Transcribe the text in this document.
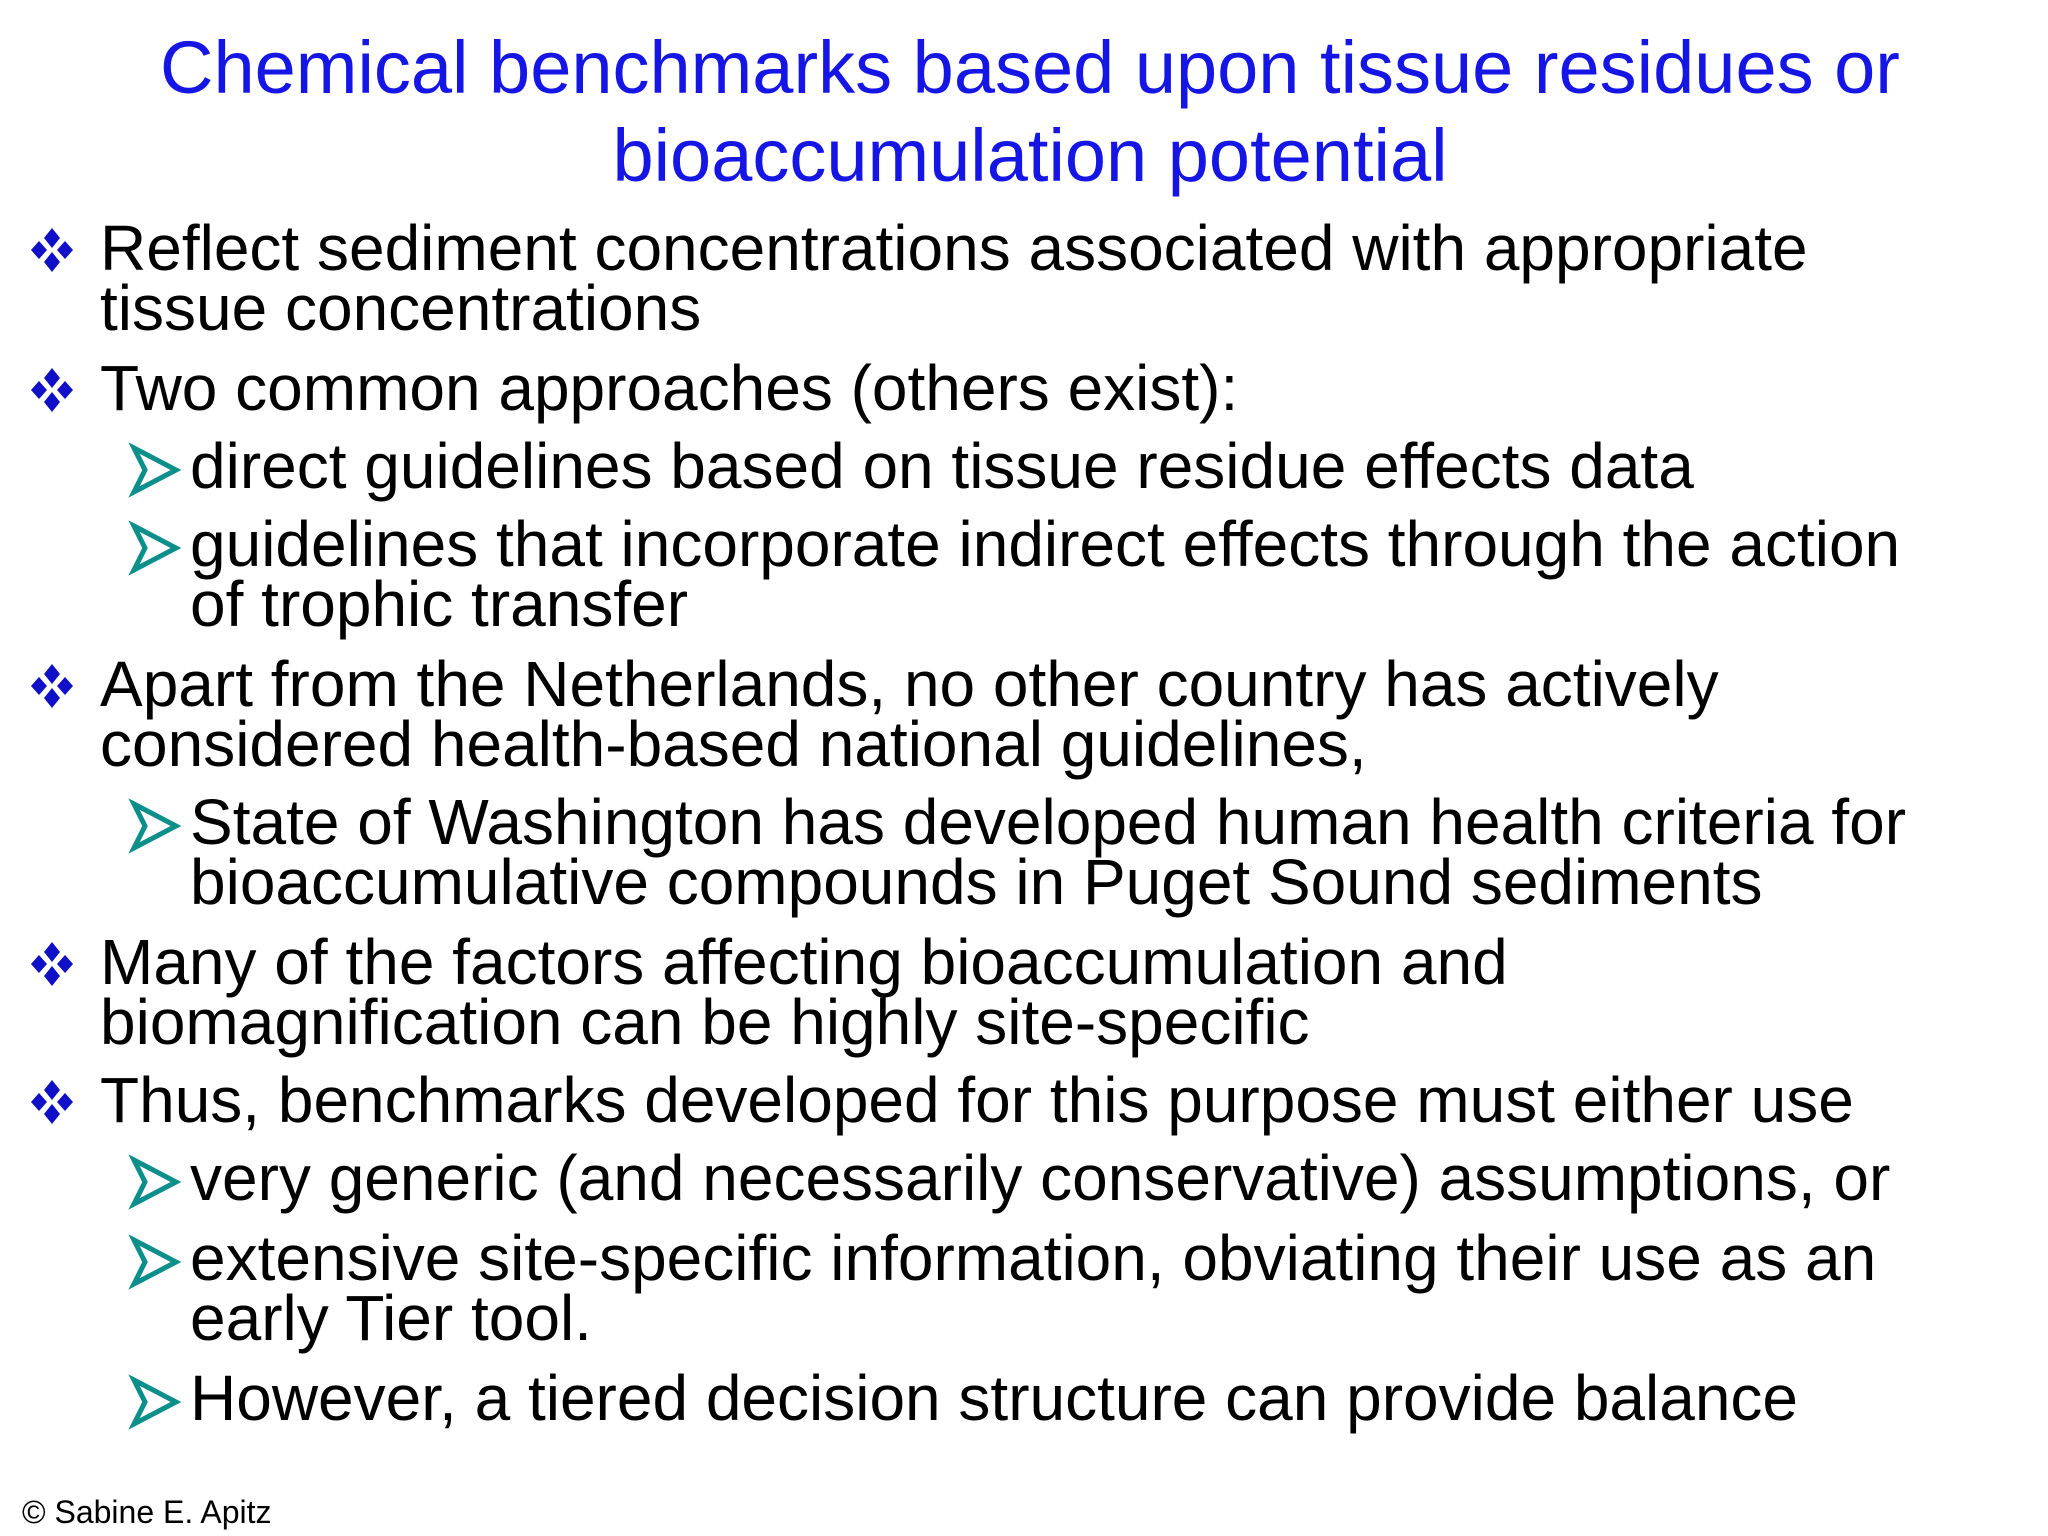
Chemical benchmarks based upon tissue residues or
bioaccumulation potential
Reflect sediment concentrations associated with appropriate
tissue concentrations
Two common approaches (others exist):
direct guidelines based on tissue residue effects data
guidelines that incorporate indirect effects through the action
of trophic transfer
Apart from the Netherlands, no other country has actively
considered health-based national guidelines,
State of Washington has developed human health criteria for
bioaccumulative compounds in Puget Sound sediments
Many of the factors affecting bioaccumulation and
biomagnification can be highly site-specific
Thus, benchmarks developed for this purpose must either use
very generic (and necessarily conservative) assumptions, or
extensive site-specific information, obviating their use as an
early Tier tool.
However, a tiered decision structure can provide balance
© Sabine E. Apitz
